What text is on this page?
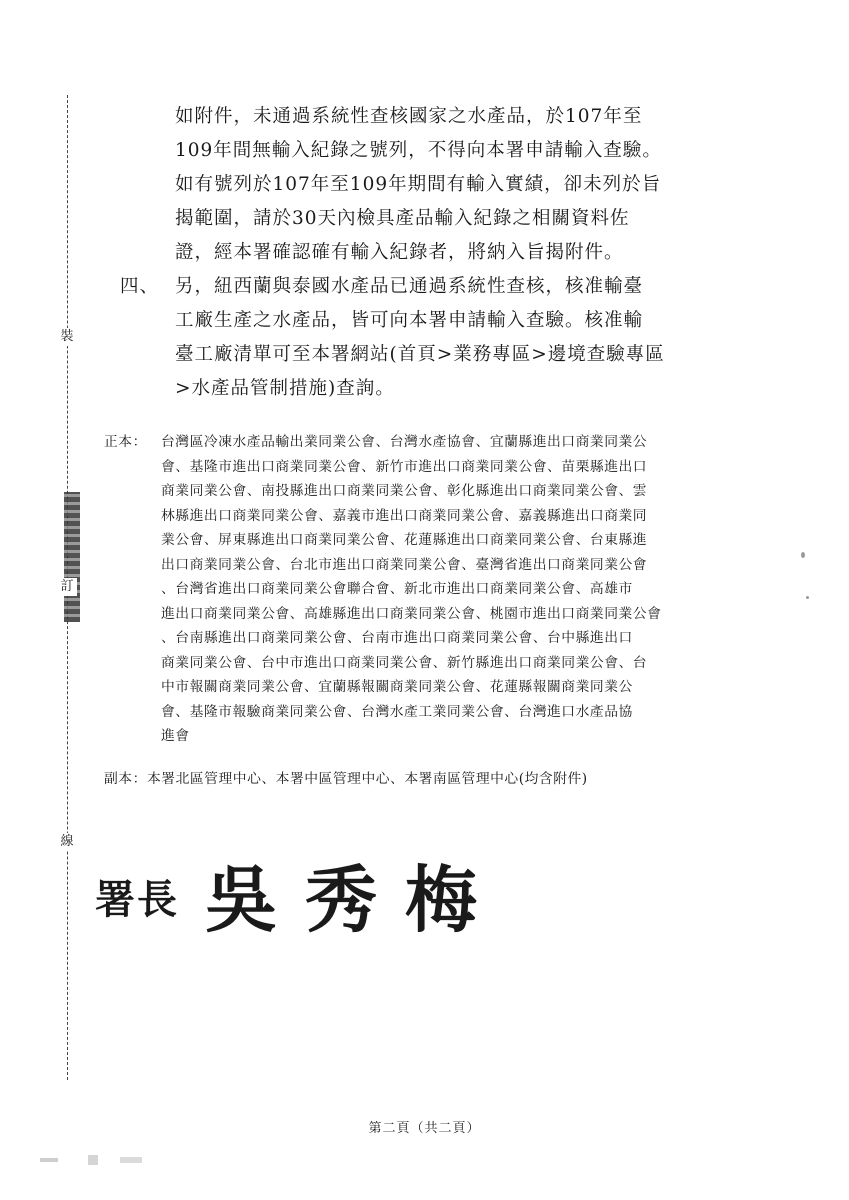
裝
訂
線
如附件，未通過系統性查核國家之水產品，於107年至
109年間無輸入紀錄之號列，不得向本署申請輸入查驗。
如有號列於107年至109年期間有輸入實績，卻未列於旨
揭範圍，請於30天內檢具產品輸入紀錄之相關資料佐
證，經本署確認確有輸入紀錄者，將納入旨揭附件。
四、 另，紐西蘭與泰國水產品已通過系統性查核，核准輸臺
工廠生產之水產品，皆可向本署申請輸入查驗。核准輸
臺工廠清單可至本署網站(首頁>業務專區>邊境查驗專區
>水產品管制措施)查詢。
正本：	台灣區冷凍水產品輸出業同業公會、台灣水產協會、宜蘭縣進出口商業同業公
會、基隆市進出口商業同業公會、新竹市進出口商業同業公會、苗栗縣進出口
商業同業公會、南投縣進出口商業同業公會、彰化縣進出口商業同業公會、雲
林縣進出口商業同業公會、嘉義市進出口商業同業公會、嘉義縣進出口商業同
業公會、屏東縣進出口商業同業公會、花蓮縣進出口商業同業公會、台東縣進
出口商業同業公會、台北市進出口商業同業公會、臺灣省進出口商業同業公會
、台灣省進出口商業同業公會聯合會、新北市進出口商業同業公會、高雄市
進出口商業同業公會、高雄縣進出口商業同業公會、桃園市進出口商業同業公會
、台南縣進出口商業同業公會、台南市進出口商業同業公會、台中縣進出口
商業同業公會、台中市進出口商業同業公會、新竹縣進出口商業同業公會、台
中市報關商業同業公會、宜蘭縣報關商業同業公會、花蓮縣報關商業同業公
會、基隆市報驗商業同業公會、台灣水產工業同業公會、台灣進口水產品協
進會
副本： 本署北區管理中心、本署中區管理中心、本署南區管理中心(均含附件)
署長 吳秀梅
第二頁（共二頁）
